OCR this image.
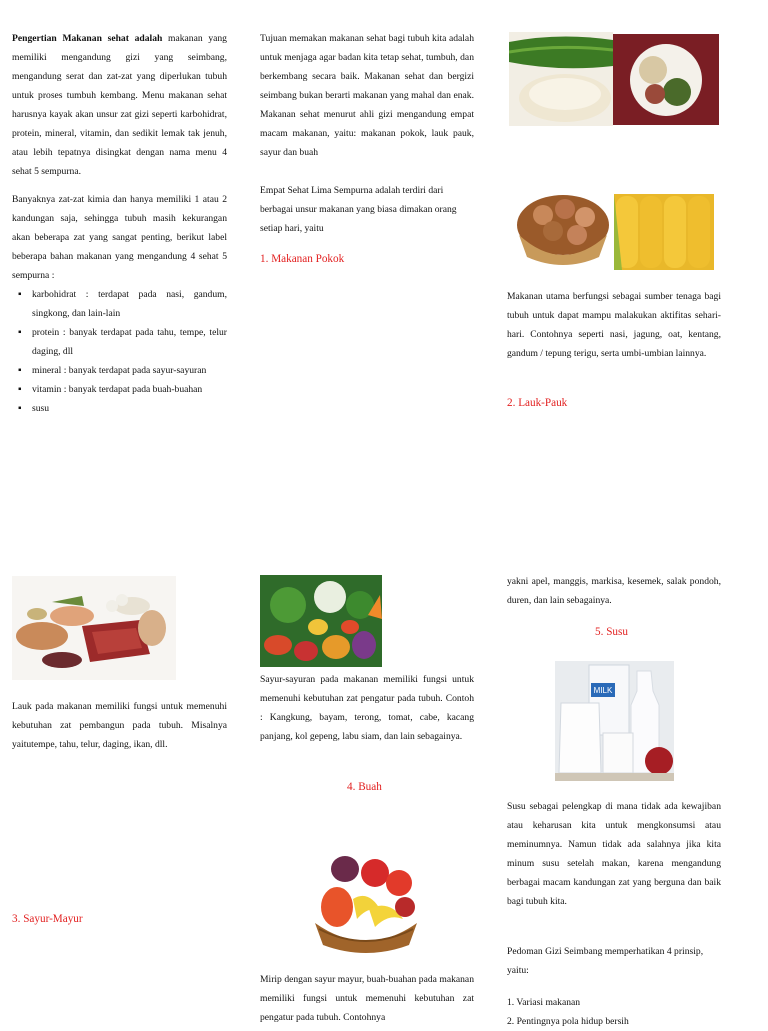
Pengertian Makanan sehat adalah makanan yang memiliki mengandung gizi yang seimbang, mengandung serat dan zat-zat yang diperlukan tubuh untuk proses tumbuh kembang. Menu makanan sehat harusnya kayak akan unsur zat gizi seperti karbohidrat, protein, mineral, vitamin, dan sedikit lemak tak jenuh, atau lebih tepatnya disingkat dengan nama menu 4 sehat 5 sempurna.

Banyaknya zat-zat kimia dan hanya memiliki 1 atau 2 kandungan saja, sehingga tubuh masih kekurangan akan beberapa zat yang sangat penting, berikut label beberapa bahan makanan yang mengandung 4 sehat 5 sempurna :

▪ karbohidrat : terdapat pada nasi, gandum, singkong, dan lain-lain
▪ protein : banyak terdapat pada tahu, tempe, telur daging, dll
▪ mineral : banyak terdapat pada sayur-sayuran
▪ vitamin : banyak terdapat pada buah-buahan
▪ susu
Lauk pada makanan memiliki fungsi untuk memenuhi kebutuhan zat pembangun pada tubuh. Misalnya yaitutempe, tahu, telur, daging, ikan, dll.
3. Sayur-Mayur
Tujuan memakan makanan sehat bagi tubuh kita adalah untuk menjaga agar badan kita tetap sehat, tumbuh, dan berkembang secara baik. Makanan sehat dan bergizi seimbang bukan berarti makanan yang mahal dan enak. Makanan sehat menurut ahli gizi mengandung empat macam makanan, yaitu: makanan pokok, lauk pauk, sayur dan buah
Empat Sehat Lima Sempurna adalah terdiri dari berbagai unsur makanan yang biasa dimakan orang setiap hari, yaitu
1. Makanan Pokok
Sayur-sayuran pada makanan memiliki fungsi untuk memenuhi kebutuhan zat pengatur pada tubuh. Contoh : Kangkung, bayam, terong, tomat, cabe, kacang panjang, kol gepeng, labu siam, dan lain sebagainya.
4. Buah
Mirip dengan sayur mayur, buah-buahan pada makanan memiliki fungsi untuk memenuhi kebutuhan zat pengatur pada tubuh. Contohnya
Makanan utama berfungsi sebagai sumber tenaga bagi tubuh untuk dapat mampu malakukan aktifitas sehari-hari. Contohnya seperti nasi, jagung, oat, kentang, gandum / tepung terigu, serta umbi-umbian lainnya.
2. Lauk-Pauk
yakni apel, manggis, markisa, kesemek, salak pondoh, duren, dan lain sebagainya.
5. Susu
MILK
Susu sebagai pelengkap di mana tidak ada kewajiban atau keharusan kita untuk mengkonsumsi atau meminumnya. Namun tidak ada salahnya jika kita minum susu setelah makan, karena mengandung berbagai macam kandungan zat yang berguna dan baik bagi tubuh kita.
Pedoman Gizi Seimbang memperhatikan 4 prinsip, yaitu:

1. Variasi makanan

2. Pentingnya pola hidup bersih
